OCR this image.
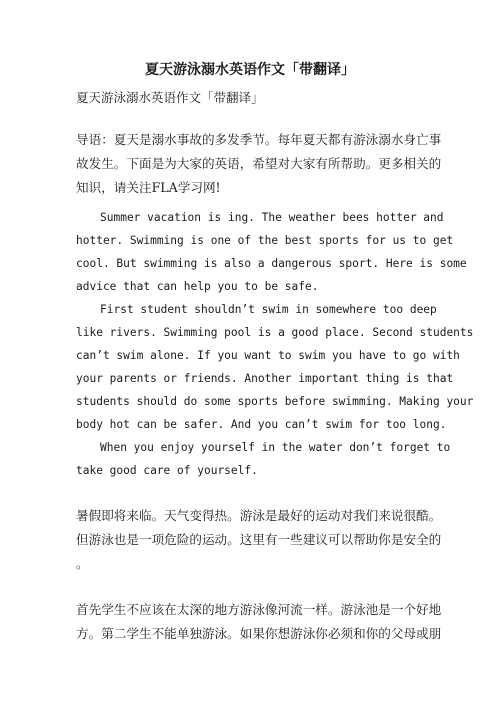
夏天游泳溺水英语作文「带翻译」
夏天游泳溺水英语作文「带翻译」
导语：夏天是溺水事故的多发季节。每年夏天都有游泳溺水身亡事
故发生。下面是为大家的英语，希望对大家有所帮助。更多相关的
知识，请关注FLA学习网!
Summer vacation is ing. The weather bees hotter and
hotter. Swimming is one of the best sports for us to get
cool. But swimming is also a dangerous sport. Here is some
advice that can help you to be safe.
First student shouldn’t swim in somewhere too deep
like rivers. Swimming pool is a good place. Second students
can’t swim alone. If you want to swim you have to go with
your parents or friends. Another important thing is that
students should do some sports before swimming. Making your
body hot can be safer. And you can’t swim for too long.
When you enjoy yourself in the water don’t forget to
take good care of yourself.
暑假即将来临。天气变得热。游泳是最好的运动对我们来说很酷。
但游泳也是一项危险的运动。这里有一些建议可以帮助你是安全的
。
首先学生不应该在太深的地方游泳像河流一样。游泳池是一个好地
方。第二学生不能单独游泳。如果你想游泳你必须和你的父母或朋
